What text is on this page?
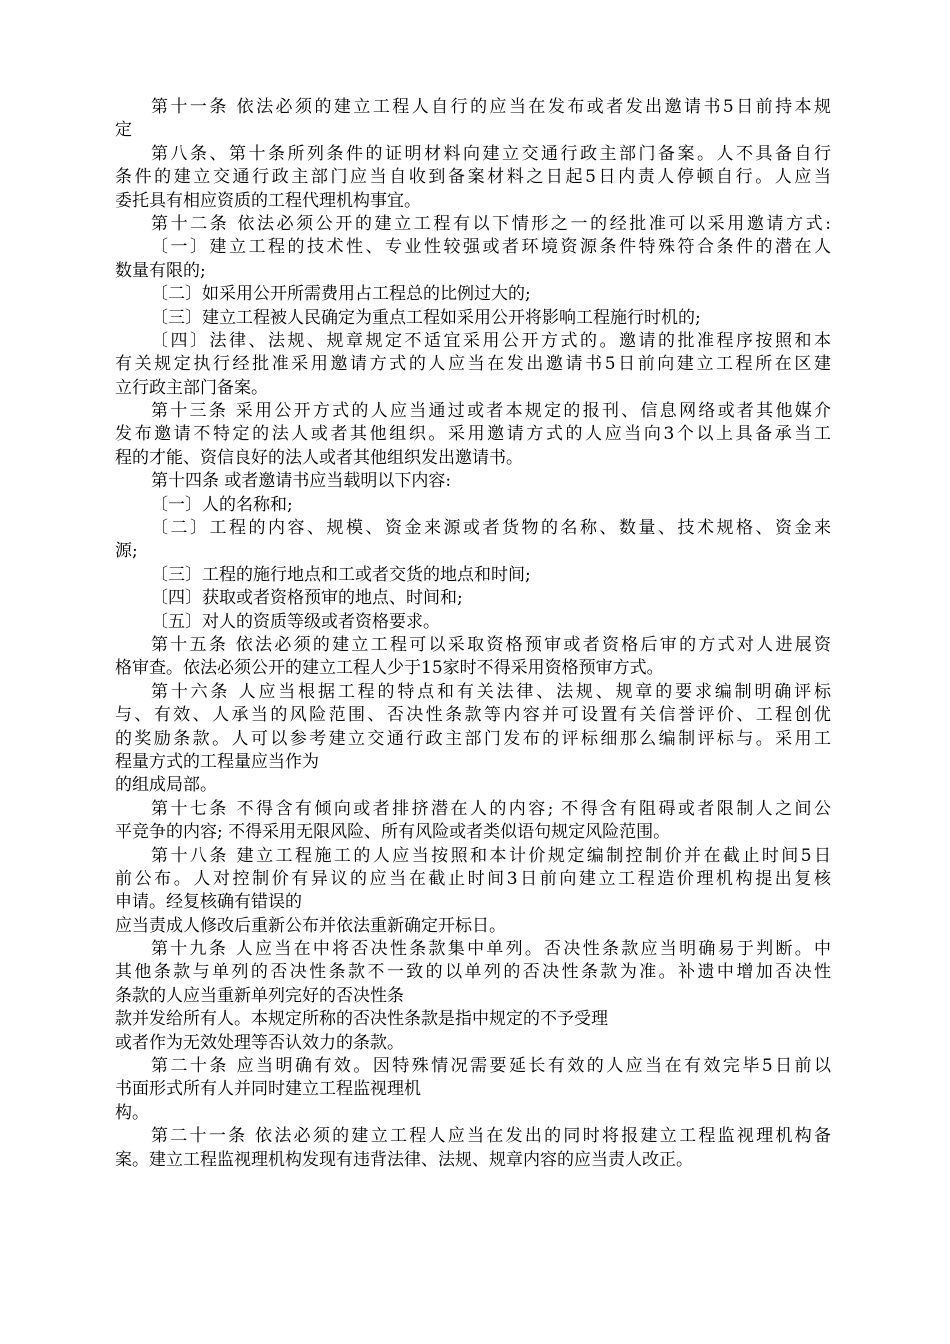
第十一条 依法必须的建立工程人自行的应当在发布或者发出邀请书5日前持本规
定
第八条、第十条所列条件的证明材料向建立交通行政主部门备案。人不具备自行
条件的建立交通行政主部门应当自收到备案材料之日起5日内责人停顿自行。人应当
委托具有相应资质的工程代理机构事宜。
第十二条 依法必须公开的建立工程有以下情形之一的经批准可以采用邀请方式:
〔一〕建立工程的技术性、专业性较强或者环境资源条件特殊符合条件的潜在人
数量有限的;
〔二〕如采用公开所需费用占工程总的比例过大的;
〔三〕建立工程被人民确定为重点工程如采用公开将影响工程施行时机的;
〔四〕法律、法规、规章规定不适宜采用公开方式的。邀请的批准程序按照和本
有关规定执行经批准采用邀请方式的人应当在发出邀请书5日前向建立工程所在区建
立行政主部门备案。
第十三条 采用公开方式的人应当通过或者本规定的报刊、信息网络或者其他媒介
发布邀请不特定的法人或者其他组织。采用邀请方式的人应当向3个以上具备承当工
程的才能、资信良好的法人或者其他组织发出邀请书。
第十四条 或者邀请书应当载明以下内容:
〔一〕人的名称和;
〔二〕工程的内容、规模、资金来源或者货物的名称、数量、技术规格、资金来
源;
〔三〕工程的施行地点和工或者交货的地点和时间;
〔四〕获取或者资格预审的地点、时间和;
〔五〕对人的资质等级或者资格要求。
第十五条 依法必须的建立工程可以采取资格预审或者资格后审的方式对人进展资
格审查。依法必须公开的建立工程人少于15家时不得采用资格预审方式。
第十六条 人应当根据工程的特点和有关法律、法规、规章的要求编制明确评标
与、有效、人承当的风险范围、否决性条款等内容并可设置有关信誉评价、工程创优
的奖励条款。人可以参考建立交通行政主部门发布的评标细那么编制评标与。采用工
程量方式的工程量应当作为
的组成局部。
第十七条 不得含有倾向或者排挤潜在人的内容; 不得含有阻碍或者限制人之间公
平竞争的内容; 不得采用无限风险、所有风险或者类似语句规定风险范围。
第十八条 建立工程施工的人应当按照和本计价规定编制控制价并在截止时间5日
前公布。人对控制价有异议的应当在截止时间3日前向建立工程造价理机构提出复核
申请。经复核确有错误的
应当责成人修改后重新公布并依法重新确定开标日。
第十九条 人应当在中将否决性条款集中单列。否决性条款应当明确易于判断。中
其他条款与单列的否决性条款不一致的以单列的否决性条款为准。补遗中增加否决性
条款的人应当重新单列完好的否决性条
款并发给所有人。本规定所称的否决性条款是指中规定的不予受理
或者作为无效处理等否认效力的条款。
第二十条 应当明确有效。因特殊情况需要延长有效的人应当在有效完毕5日前以
书面形式所有人并同时建立工程监视理机
构。
第二十一条 依法必须的建立工程人应当在发出的同时将报建立工程监视理机构备
案。建立工程监视理机构发现有违背法律、法规、规章内容的应当责人改正。
